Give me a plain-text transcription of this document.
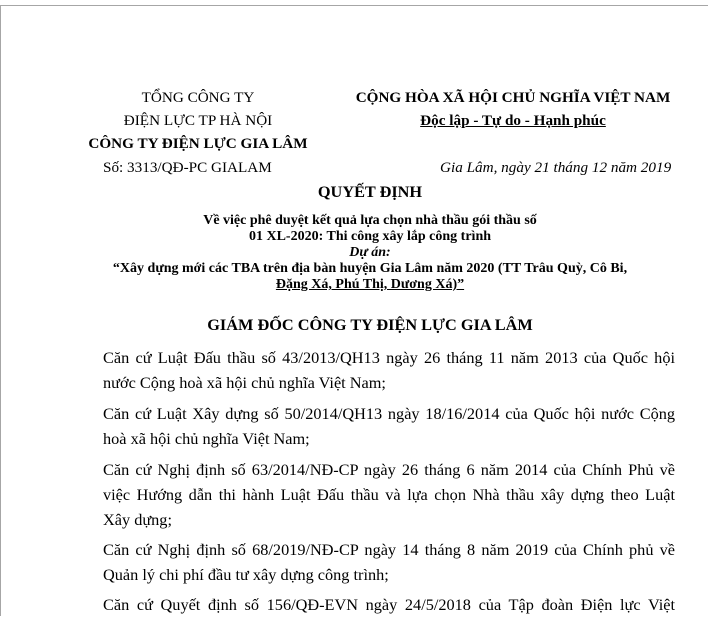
TỔNG CÔNG TY
ĐIỆN LỰC TP HÀ NỘI
CÔNG TY ĐIỆN LỰC GIA LÂM
Số: 3313/QĐ-PC GIALAM
CỘNG HÒA XÃ HỘI CHỦ NGHĨA VIỆT NAM
Độc lập - Tự do - Hạnh phúc
Gia Lâm, ngày 21 tháng 12 năm 2019
QUYẾT ĐỊNH
Về việc phê duyệt kết quả lựa chọn nhà thầu gói thầu số
01 XL-2020: Thi công xây lắp công trình
Dự án:
“Xây dựng mới các TBA trên địa bàn huyện Gia Lâm năm 2020 (TT Trâu Quỳ, Cô Bi,
Đặng Xá, Phú Thị, Dương Xá)”
GIÁM ĐỐC CÔNG TY ĐIỆN LỰC GIA LÂM
Căn cứ Luật Đấu thầu số 43/2013/QH13 ngày 26 tháng 11 năm 2013 của Quốc hội
nước Cộng hoà xã hội chủ nghĩa Việt Nam;
Căn cứ Luật Xây dựng số 50/2014/QH13 ngày 18/16/2014 của Quốc hội nước Cộng
hoà xã hội chủ nghĩa Việt Nam;
Căn cứ Nghị định số 63/2014/NĐ-CP ngày 26 tháng 6 năm 2014 của Chính Phủ về
việc Hướng dẫn thi hành Luật Đấu thầu và lựa chọn Nhà thầu xây dựng theo Luật
Xây dựng;
Căn cứ Nghị định số 68/2019/NĐ-CP ngày 14 tháng 8 năm 2019 của Chính phủ về
Quản lý chi phí đầu tư xây dựng công trình;
Căn cứ Quyết định số 156/QĐ-EVN ngày 24/5/2018 của Tập đoàn Điện lực Việt
